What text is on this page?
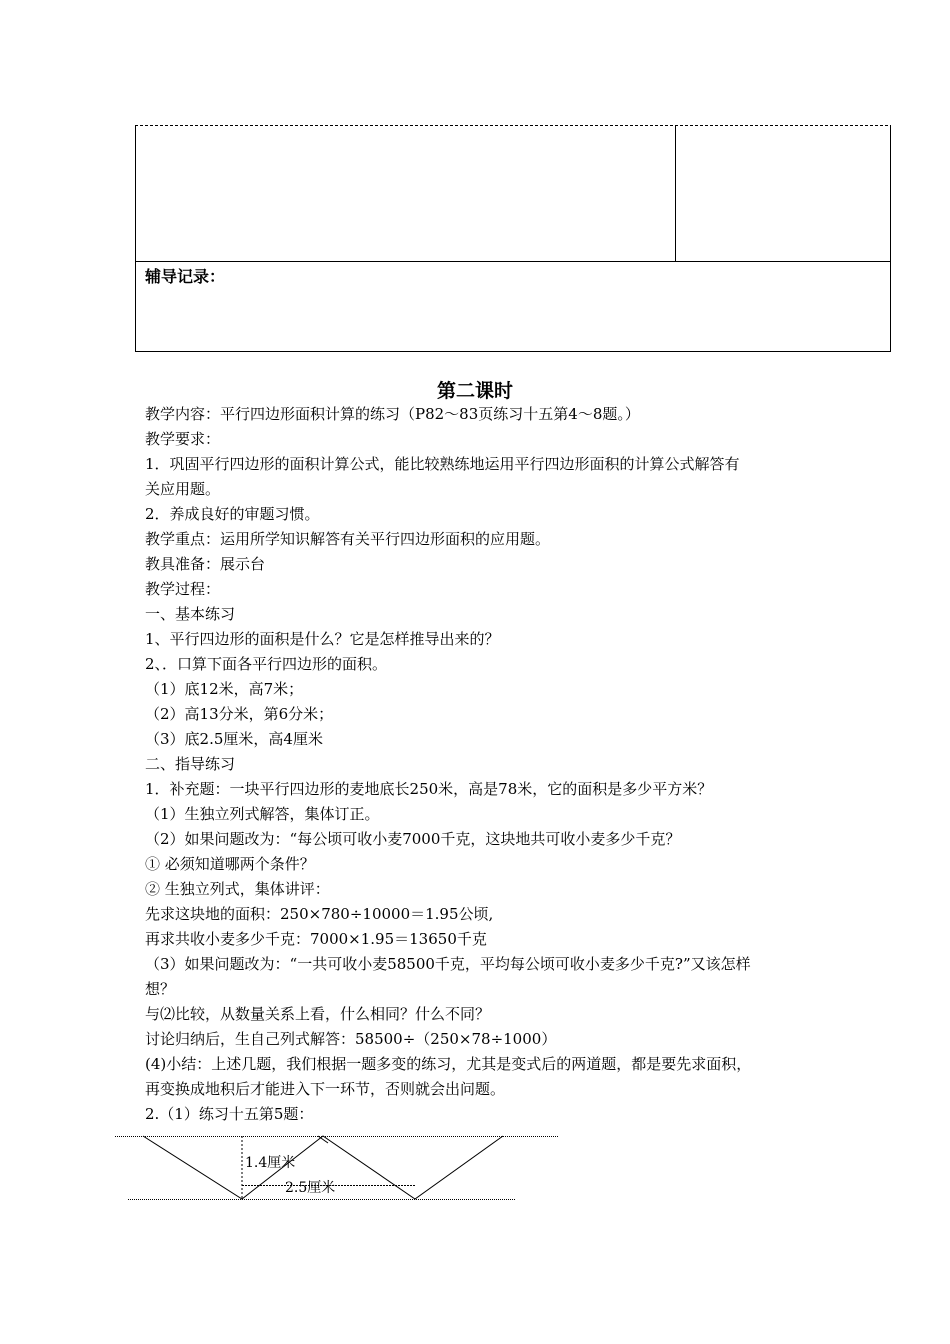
辅导记录：
第二课时
教学内容：平行四边形面积计算的练习（P82～83页练习十五第4～8题。）
教学要求：
1．巩固平行四边形的面积计算公式，能比较熟练地运用平行四边形面积的计算公式解答有
关应用题。
2．养成良好的审题习惯。
教学重点：运用所学知识解答有关平行四边形面积的应用题。
教具准备：展示台
教学过程：
一、基本练习
1、平行四边形的面积是什么？它是怎样推导出来的？
2、．口算下面各平行四边形的面积。
（1）底12米，高7米；
（2）高13分米，第6分米；
（3）底2.5厘米，高4厘米
二、指导练习
1．补充题：一块平行四边形的麦地底长250米，高是78米，它的面积是多少平方米？
（1）生独立列式解答，集体订正。
（2）如果问题改为：“每公顷可收小麦7000千克，这块地共可收小麦多少千克？
① 必须知道哪两个条件？
② 生独立列式，集体讲评：
先求这块地的面积：250×780÷10000＝1.95公顷,
再求共收小麦多少千克：7000×1.95＝13650千克
（3）如果问题改为：“一共可收小麦58500千克，平均每公顷可收小麦多少千克?”又该怎样
想？
与⑵比较，从数量关系上看，什么相同？什么不同？
讨论归纳后，生自己列式解答：58500÷（250×78÷1000）
(4)小结：上述几题，我们根据一题多变的练习，尤其是变式后的两道题，都是要先求面积，
再变换成地积后才能进入下一环节，否则就会出问题。
2.（1）练习十五第5题：
1.4厘米
2.5厘米
